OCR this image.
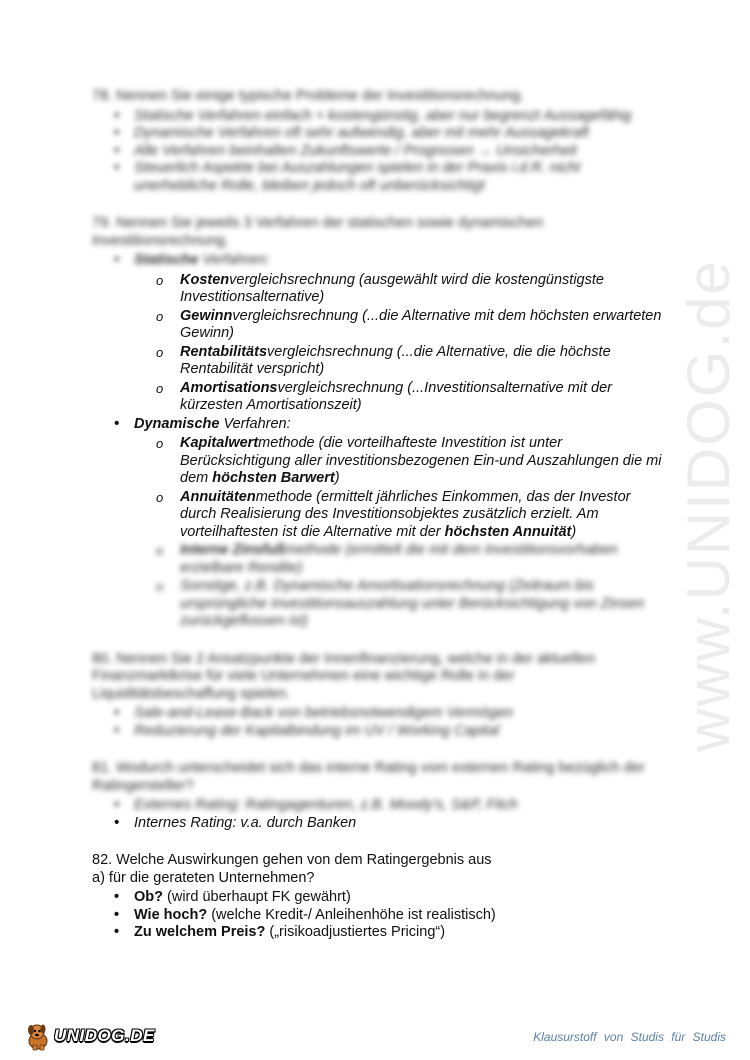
www.UNIDOG.de

78. Nennen Sie einige typische Probleme der Investitionsrechnung.

• Statische Verfahren einfach + kostengünstig, aber nur begrenzt Aussagefähig
• Dynamische Verfahren oft sehr aufwendig, aber mit mehr Aussagekraft
• Alle Verfahren beinhalten Zukunftswerte / Prognosen → Unsicherheit
• Steuerlich Aspekte bei Auszahlungen spielen in der Praxis i.d.R. nicht unerhebliche Rolle, bleiben jedoch oft unberücksichtigt

79. Nennen Sie jeweils 3 Verfahren der statischen sowie dynamischen Investitionsrechnung.

• Statische Verfahren:
o Kostenvergleichsrechnung (ausgewählt wird die kostengünstigste Investitionsalternative)
o Gewinnvergleichsrechnung (...die Alternative mit dem höchsten erwarteten Gewinn)
o Rentabilitätsvergleichsrechnung (...die Alternative, die die höchste Rentabilität verspricht)
o Amortisationsvergleichsrechnung (...Investitionsalternative mit der kürzesten Amortisationszeit)
• Dynamische Verfahren:
o Kapitalwertmethode (die vorteilhafteste Investition ist unter Berücksichtigung aller investitionsbezogenen Ein-und Auszahlungen die mi dem höchsten Barwert)
o Annuitätenmethode (ermittelt jährliches Einkommen, das der Investor durch Realisierung des Investitionsobjektes zusätzlich erzielt. Am vorteilhaftesten ist die Alternative mit der höchsten Annuität)
o Interne Zinsfußmethode (ermittelt die mit dem Investitionsvorhaben erzielbare Rendite)
o Sonstige, z.B. Dynamische Amortisationsrechnung (Zeitraum bis ursprüngliche Investitionsauszahlung unter Berücksichtigung von Zinsen zurückgeflossen ist)

80. Nennen Sie 2 Ansatzpunkte der Innenfinanzierung, welche in der aktuellen Finanzmarktkrise für viele Unternehmen eine wichtige Rolle in der Liquiditätsbeschaffung spielen.

• Sale-and-Lease-Back von betriebsnotwendigem Vermögen
• Reduzierung der Kapitalbindung im UV / Working Capital

81. Wodurch unterscheidet sich das interne Rating vom externen Rating bezüglich der Ratingersteller?

• Externes Rating: Ratingagenturen, z.B. Moody's, S&P, Fitch
• Internes Rating: v.a. durch Banken

82. Welche Auswirkungen gehen von dem Ratingergebnis aus

a) für die gerateten Unternehmen?

• Ob? (wird überhaupt FK gewährt)
• Wie hoch? (welche Kredit-/ Anleihenhöhe ist realistisch)
• Zu welchem Preis? („risikoadjustiertes Pricing“)
UNIDOG.DE	Klausurstoff von Studis für Studis
